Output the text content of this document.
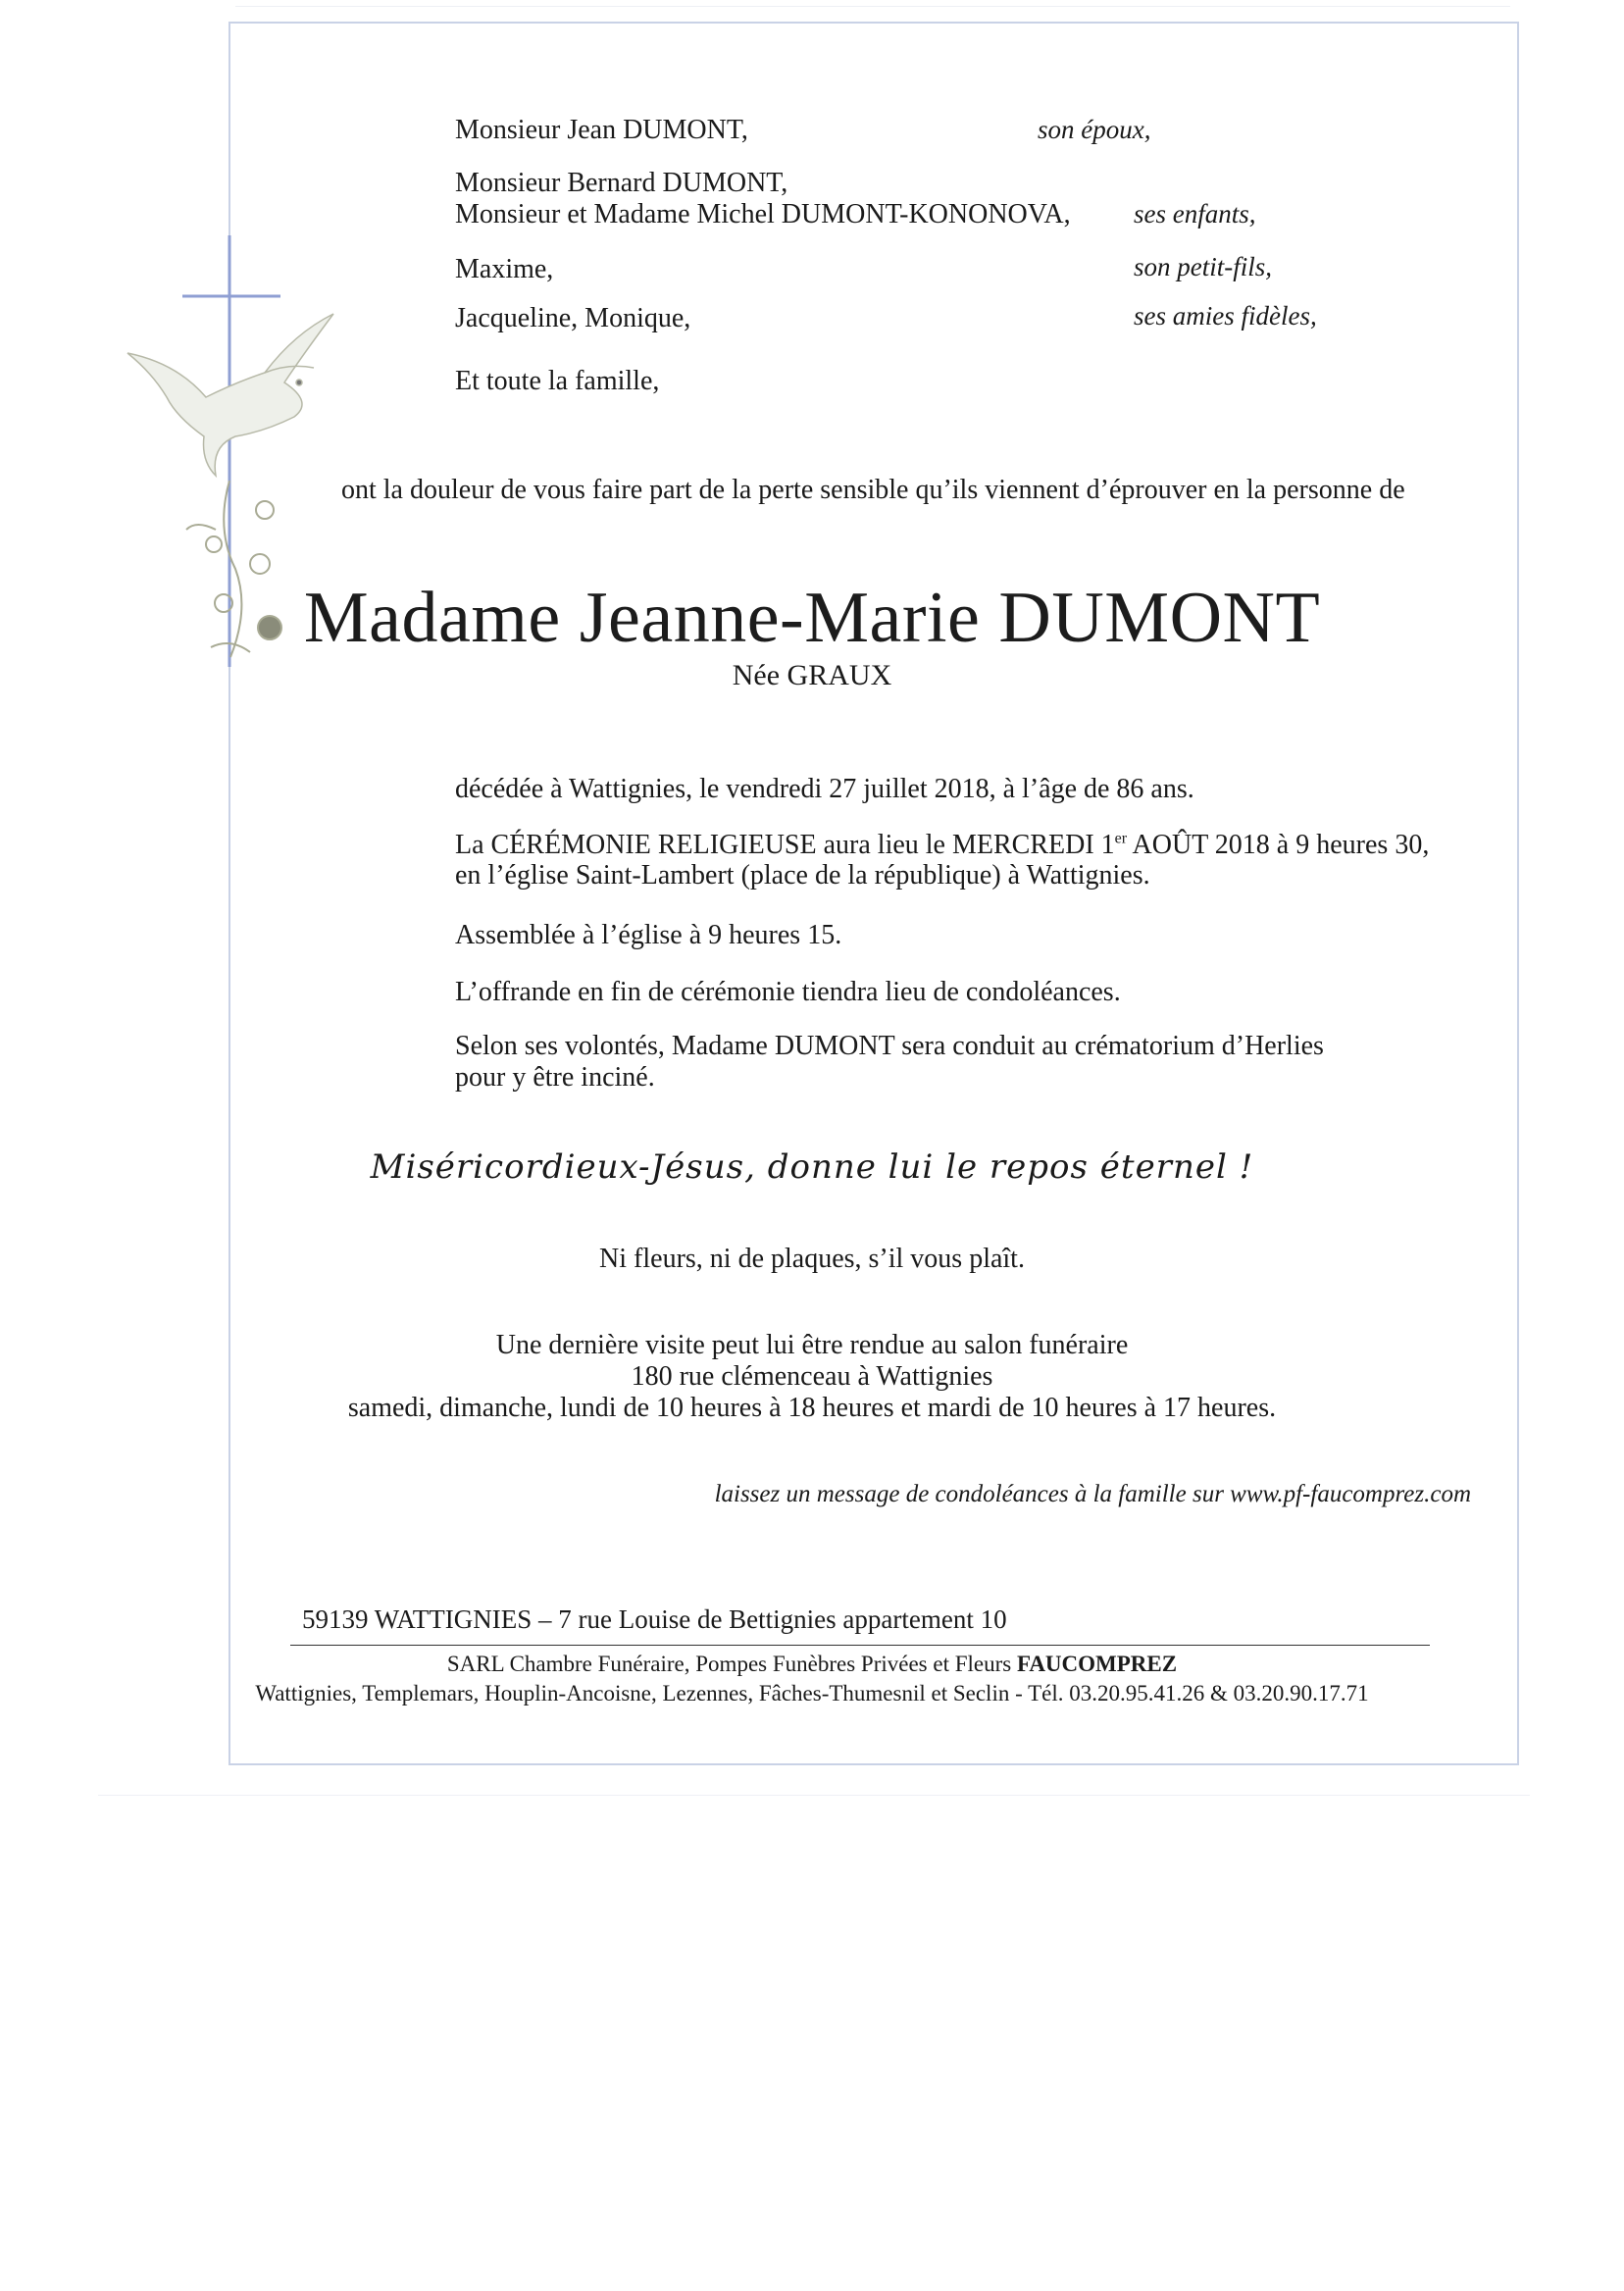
Monsieur Jean DUMONT,	son époux,
Monsieur Bernard DUMONT,
Monsieur et Madame Michel DUMONT-KONONOVA, ses enfants,
Maxime,	son petit-fils,
Jacqueline, Monique,	ses amies fidèles,
Et toute la famille,
ont la douleur de vous faire part de la perte sensible qu’ils viennent d’éprouver en la personne de
Madame Jeanne-Marie DUMONT
Née GRAUX
décédée à Wattignies, le vendredi 27 juillet 2018, à l’âge de 86 ans.
La CÉRÉMONIE RELIGIEUSE aura lieu le MERCREDI 1er AOÛT 2018 à 9 heures 30,
en l’église Saint-Lambert (place de la république) à Wattignies.
Assemblée à l’église à 9 heures 15.
L’offrande en fin de cérémonie tiendra lieu de condoléances.
Selon ses volontés, Madame DUMONT sera conduit au crématorium d’Herlies
pour y être inciné.
Miséricordieux-Jésus, donne lui le repos éternel !
Ni fleurs, ni de plaques, s’il vous plaît.
Une dernière visite peut lui être rendue au salon funéraire
180 rue clémenceau à Wattignies
samedi, dimanche, lundi de 10 heures à 18 heures et mardi de 10 heures à 17 heures.
laissez un message de condoléances à la famille sur www.pf-faucomprez.com
59139 WATTIGNIES – 7 rue Louise de Bettignies appartement 10
SARL Chambre Funéraire, Pompes Funèbres Privées et Fleurs FAUCOMPREZ
Wattignies, Templemars, Houplin-Ancoisne, Lezennes, Fâches-Thumesnil et Seclin - Tél. 03.20.95.41.26 & 03.20.90.17.71
